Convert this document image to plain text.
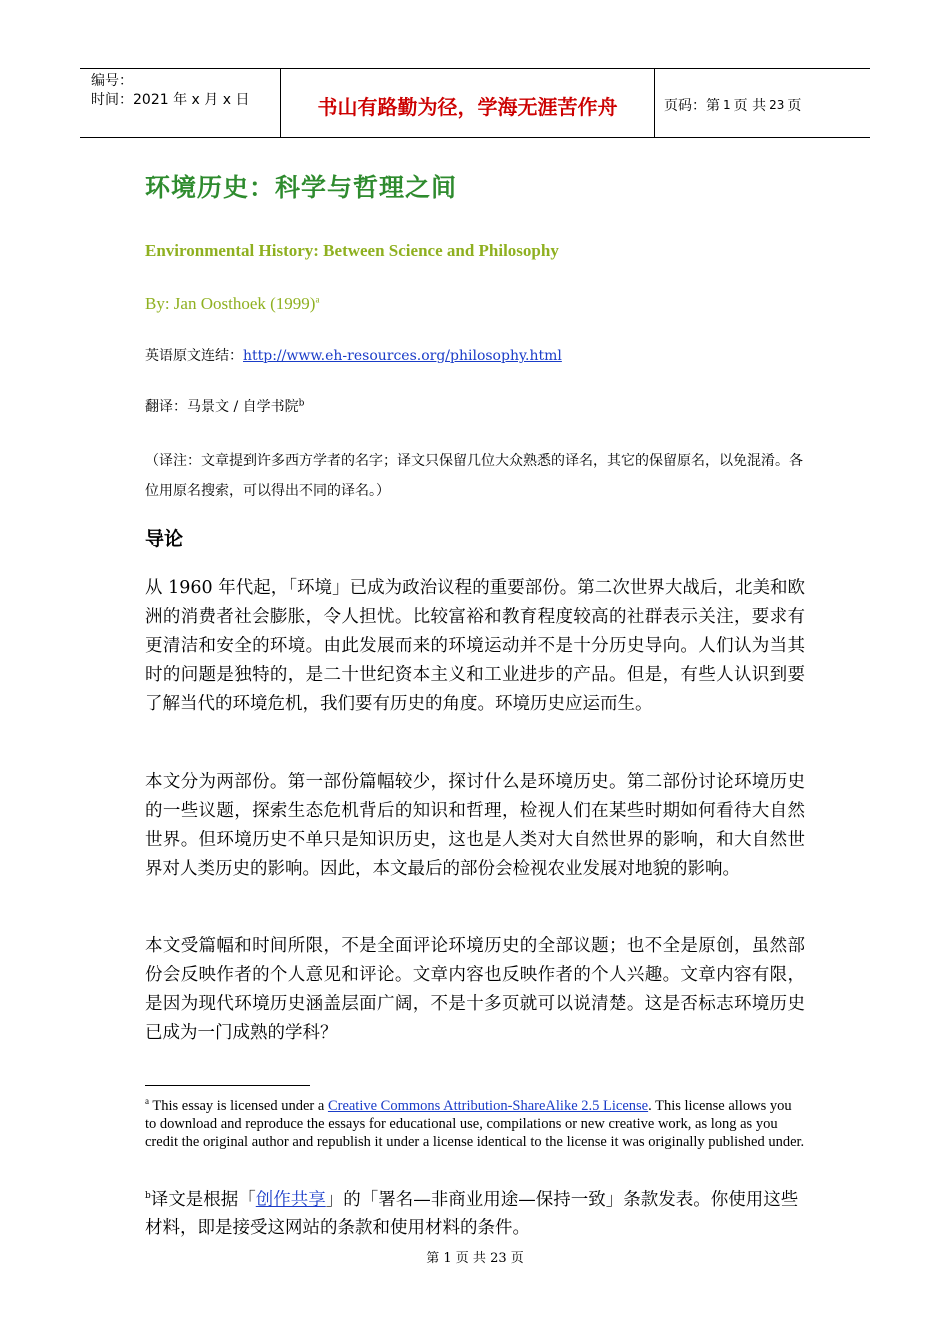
编号：
时间：2021 年 x 月 x 日	书山有路勤为径，学海无涯苦作舟	页码：第 1 页 共 23 页
环境历史：科学与哲理之间
Environmental History: Between Science and Philosophy
By: Jan Oosthoek $(1999)^a$
英语原文连结：http://www.eh-resources.org/philosophy.html
翻译：马景文 / 自学书院$^b$
（译注：文章提到许多西方学者的名字；译文只保留几位大众熟悉的译名，其它的保留原名，以免混淆。各位用原名搜索，可以得出不同的译名。）
导论
从 1960 年代起，「环境」已成为政治议程的重要部份。第二次世界大战后，北美和欧洲的消费者社会膨胀，令人担忧。比较富裕和教育程度较高的社群表示关注，要求有更清洁和安全的环境。由此发展而来的环境运动并不是十分历史导向。人们认为当其时的问题是独特的，是二十世纪资本主义和工业进步的产品。但是，有些人认识到要了解当代的环境危机，我们要有历史的角度。环境历史应运而生。
本文分为两部份。第一部份篇幅较少，探讨什么是环境历史。第二部份讨论环境历史的一些议题，探索生态危机背后的知识和哲理，检视人们在某些时期如何看待大自然世界。但环境历史不单只是知识历史，这也是人类对大自然世界的影响，和大自然世界对人类历史的影响。因此，本文最后的部份会检视农业发展对地貌的影响。
本文受篇幅和时间所限，不是全面评论环境历史的全部议题；也不全是原创，虽然部份会反映作者的个人意见和评论。文章内容也反映作者的个人兴趣。文章内容有限，是因为现代环境历史涵盖层面广阔，不是十多页就可以说清楚。这是否标志环境历史已成为一门成熟的学科？
$^a$ This essay is licensed under a Creative Commons Attribution-ShareAlike 2.5 License. This license allows you to download and reproduce the essays for educational use, compilations or new creative work, as long as you credit the original author and republish it under a license identical to the license it was originally published under.
$^b$译文是根据「创作共享」的「署名—非商业用途—保持一致」条款发表。你使用这些材料，即是接受这网站的条款和使用材料的条件。
第 1 页 共 23 页
